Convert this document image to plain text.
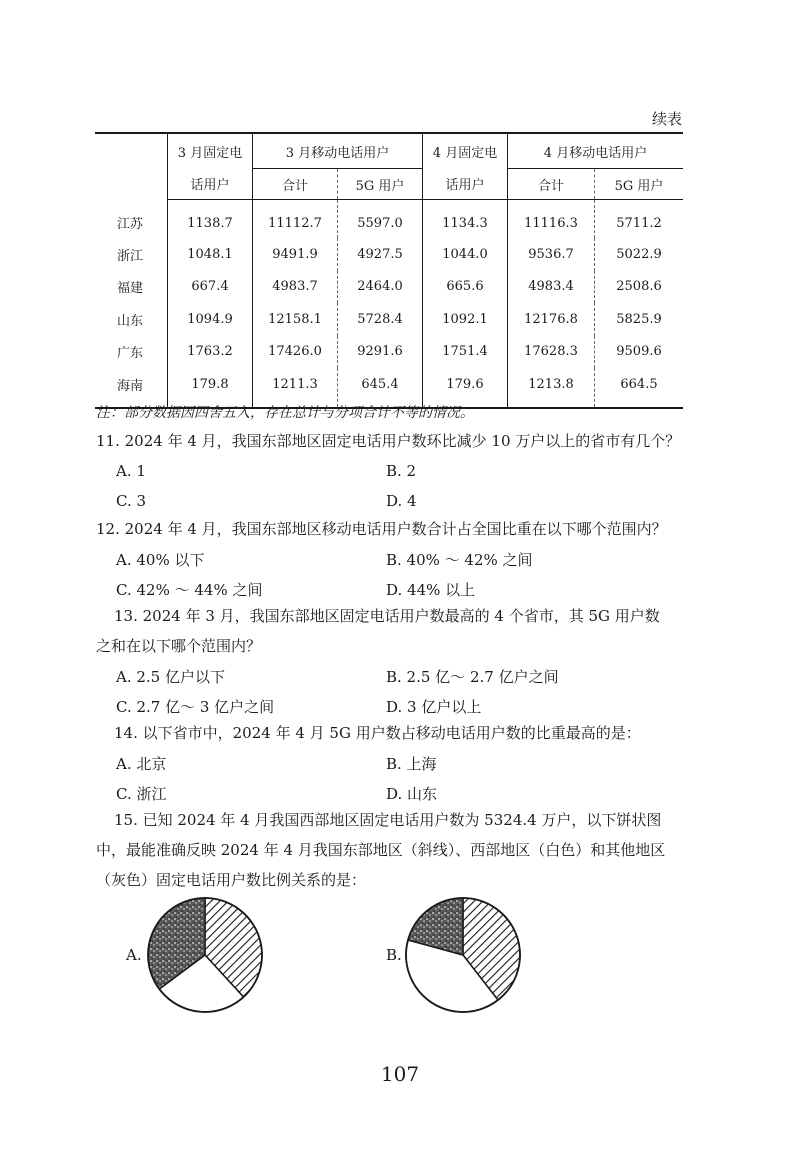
续表
	3 月固定电	3 月移动电话用户		4 月固定电	4 月移动电话用户	
	话用户	合计	5G 用户	话用户	合计	5G 用户
江苏	1138.7	11112.7	5597.0	1134.3	11116.3	5711.2
浙江	1048.1	9491.9	4927.5	1044.0	9536.7	5022.9
福建	667.4	4983.7	2464.0	665.6	4983.4	2508.6
山东	1094.9	12158.1	5728.4	1092.1	12176.8	5825.9
广东	1763.2	17426.0	9291.6	1751.4	17628.3	9509.6
海南	179.8	1211.3	645.4	179.6	1213.8	664.5
注：部分数据因四舍五入，存在总计与分项合计不等的情况。
11. 2024 年 4 月，我国东部地区固定电话用户数环比减少 10 万户以上的省市有几个？
A. 1	B. 2
C. 3	D. 4
12. 2024 年 4 月，我国东部地区移动电话用户数合计占全国比重在以下哪个范围内？
A. 40% 以下	B. 40% ～ 42% 之间
C. 42% ～ 44% 之间	D. 44% 以上
13. 2024 年 3 月，我国东部地区固定电话用户数最高的 4 个省市，其 5G 用户数
之和在以下哪个范围内？
A. 2.5 亿户以下	B. 2.5 亿～ 2.7 亿户之间
C. 2.7 亿～ 3 亿户之间	D. 3 亿户以上
14. 以下省市中，2024 年 4 月 5G 用户数占移动电话用户数的比重最高的是：
A. 北京	B. 上海
C. 浙江	D. 山东
15. 已知 2024 年 4 月我国西部地区固定电话用户数为 5324.4 万户，以下饼状图
中，最能准确反映 2024 年 4 月我国东部地区（斜线）、西部地区（白色）和其他地区
（灰色）固定电话用户数比例关系的是：
A.	B.
107
